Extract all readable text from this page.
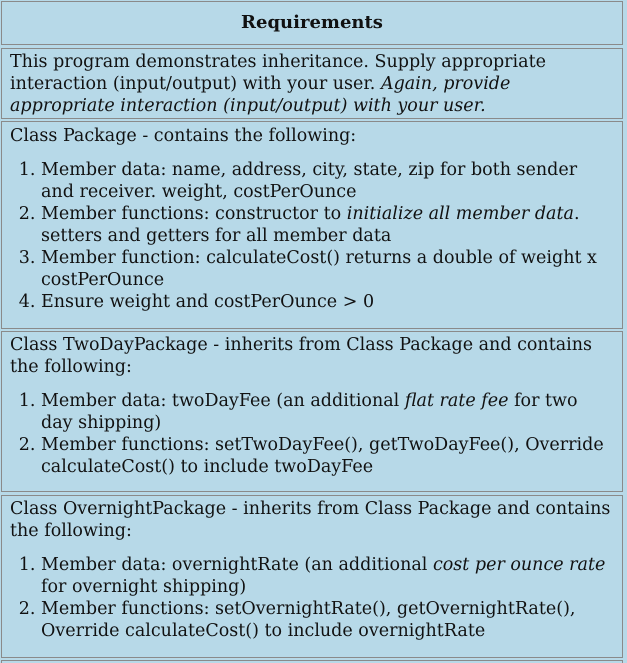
Requirements

This program demonstrates inheritance. Supply appropriate interaction (input/output) with your user. Again, provide appropriate interaction (input/output) with your user.

Class Package - contains the following:

1. Member data: name, address, city, state, zip for both sender and receiver. weight, costPerOunce
2. Member functions: constructor to initialize all member data. setters and getters for all member data
3. Member function: calculateCost() returns a double of weight x costPerOunce
4. Ensure weight and costPerOunce > 0

Class TwoDayPackage - inherits from Class Package and contains the following:

1. Member data: twoDayFee (an additional flat rate fee for two day shipping)
2. Member functions: setTwoDayFee(), getTwoDayFee(), Override calculateCost() to include twoDayFee

Class OvernightPackage - inherits from Class Package and contains the following:

1. Member data: overnightRate (an additional cost per ounce rate for overnight shipping)
2. Member functions: setOvernightRate(), getOvernightRate(), Override calculateCost() to include overnightRate
